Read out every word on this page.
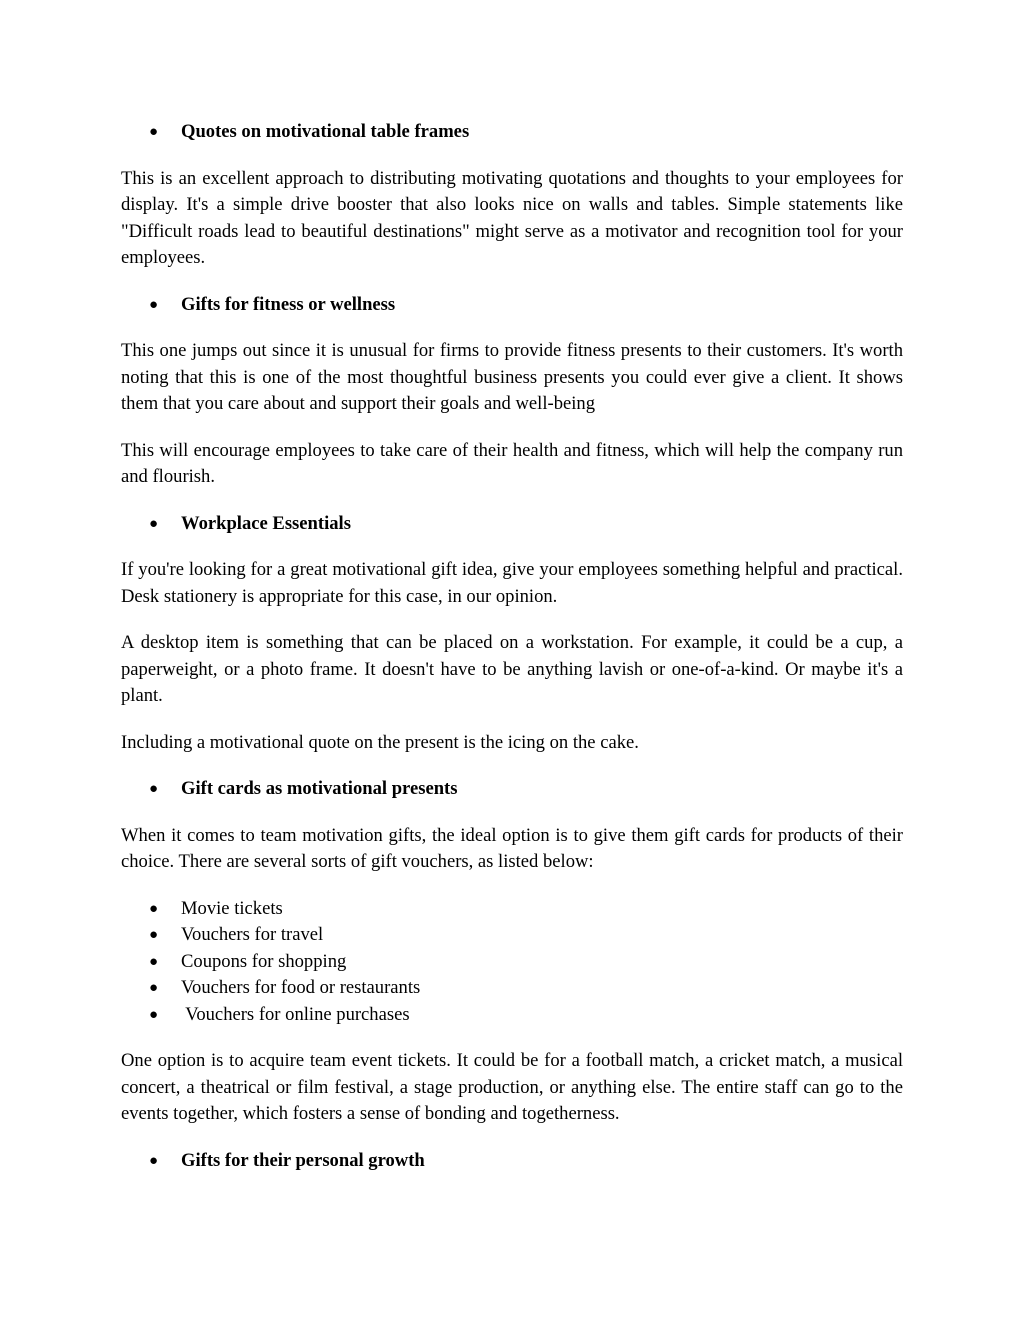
● Quotes on motivational table frames

This is an excellent approach to distributing motivating quotations and thoughts to your employees for display. It's a simple drive booster that also looks nice on walls and tables. Simple statements like "Difficult roads lead to beautiful destinations" might serve as a motivator and recognition tool for your employees.

● Gifts for fitness or wellness

This one jumps out since it is unusual for firms to provide fitness presents to their customers. It's worth noting that this is one of the most thoughtful business presents you could ever give a client. It shows them that you care about and support their goals and well-being

This will encourage employees to take care of their health and fitness, which will help the company run and flourish.

● Workplace Essentials

If you're looking for a great motivational gift idea, give your employees something helpful and practical. Desk stationery is appropriate for this case, in our opinion.

A desktop item is something that can be placed on a workstation. For example, it could be a cup, a paperweight, or a photo frame. It doesn't have to be anything lavish or one-of-a-kind. Or maybe it's a plant.

Including a motivational quote on the present is the icing on the cake.

● Gift cards as motivational presents

When it comes to team motivation gifts, the ideal option is to give them gift cards for products of their choice. There are several sorts of gift vouchers, as listed below:

● Movie tickets
● Vouchers for travel
● Coupons for shopping
● Vouchers for food or restaurants
● Vouchers for online purchases

One option is to acquire team event tickets. It could be for a football match, a cricket match, a musical concert, a theatrical or film festival, a stage production, or anything else. The entire staff can go to the events together, which fosters a sense of bonding and togetherness.

● Gifts for their personal growth
